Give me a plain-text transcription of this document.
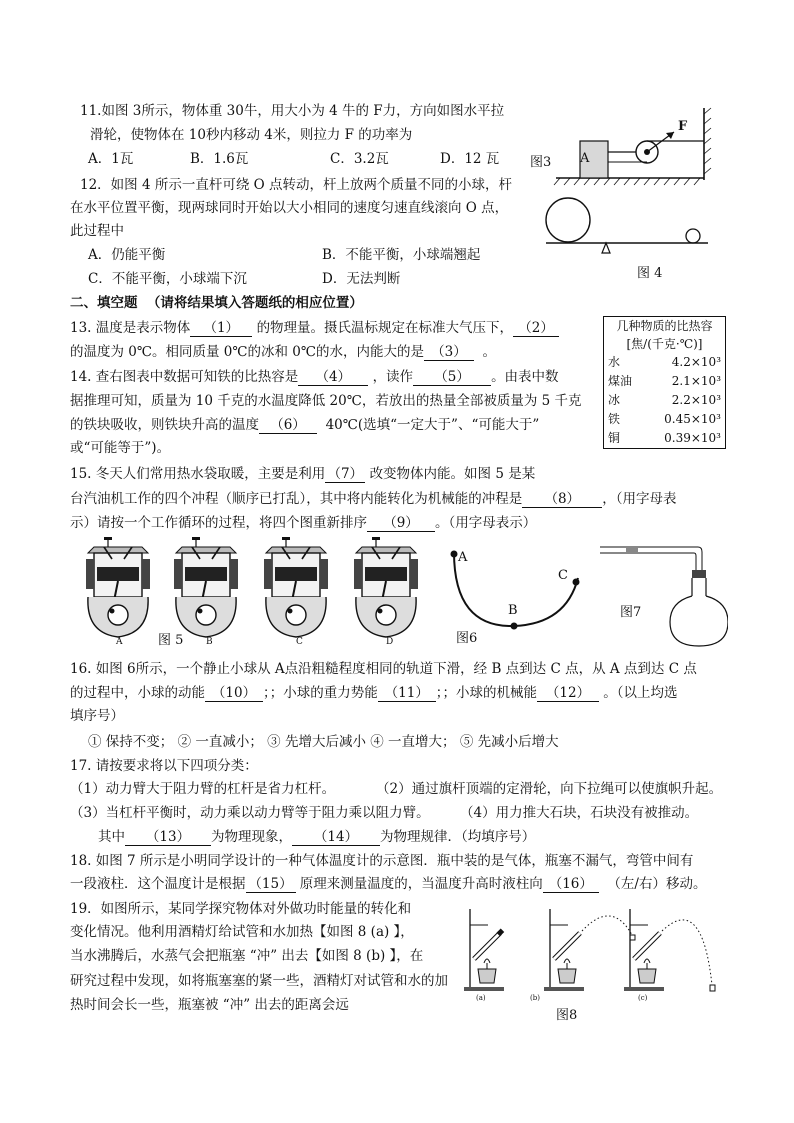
11.如图 3所示，物体重 30牛，用大小为 4 牛的 F力，方向如图水平拉
滑轮，使物体在 10秒内移动 4米，则拉力 F 的功率为
A．1瓦	B．1.6瓦	C．3.2瓦	D．12 瓦	A
F
图3
12．如图 4 所示一直杆可绕 O 点转动，杆上放两个质量不同的小球，杆
在水平位置平衡，现两球同时开始以大小相同的速度匀速直线滚向 O 点，
此过程中
A．仍能平衡	B．不能平衡，小球端翘起
C．不能平衡，小球端下沉	D．无法判断	图 4
二、填空题 （请将结果填入答题纸的相应位置）
几种物质的比热容	
[焦/(千克·℃)]	
水	4.2×10³
煤油	2.1×10³
冰	2.2×10³
铁	0.45×10³
铜	0.39×10³
13. 温度是表示物体 （1） 的物理量。摄氏温标规定在标准大气压下， （2）
的温度为 0℃。相同质量 0℃的冰和 0℃的水，内能大的是 （3） 。
14. 查右图表中数据可知铁的比热容是 （4） ，读作 （5） 。由表中数
据推理可知，质量为 10 千克的水温度降低 20℃，若放出的热量全部被质量为 5 千克
的铁块吸收，则铁块升高的温度 （6） 40℃(选填“一定大于”、“可能大于”
或“可能等于”)。
15. 冬天人们常用热水袋取暖，主要是利用 （7） 改变物体内能。如图 5 是某
台汽油机工作的四个冲程（顺序已打乱），其中将内能转化为机械能的冲程是 （8） ，（用字母表
示）请按一个工作循环的过程，将四个图重新排序 （9） 。（用字母表示）
A	B	C	D
图 5
A
B
C
图6
图7
16. 如图 6所示，一个静止小球从 A点沿粗糙程度相同的轨道下滑，经 B 点到达 C 点，从 A 点到达 C 点
的过程中，小球的动能 （10） ；；小球的重力势能 （11） ；；小球的机械能 （12） 。（以上均选
填序号）
① 保持不变； ② 一直减小； ③ 先增大后减小 ④ 一直增大； ⑤ 先减小后增大
17. 请按要求将以下四项分类：
（1）动力臂大于阻力臂的杠杆是省力杠杆。	（2）通过旗杆顶端的定滑轮，向下拉绳可以使旗帜升起。
（3）当杠杆平衡时，动力乘以动力臂等于阻力乘以阻力臂。 （4）用力推大石块，石块没有被推动。
其中 （13） 为物理现象， （14） 为物理规律．（均填序号）
18. 如图 7 所示是小明同学设计的一种气体温度计的示意图．瓶中装的是气体，瓶塞不漏气，弯管中间有
一段液柱．这个温度计是根据 （15） 原理来测量温度的，当温度升高时液柱向 （16） （左/右）移动。
19．如图所示，某同学探究物体对外做功时能量的转化和
变化情况。他利用酒精灯给试管和水加热【如图 8 (a) 】，
当水沸腾后，水蒸气会把瓶塞 “冲” 出去【如图 8 (b) 】，在
研究过程中发现，如将瓶塞塞的紧一些，酒精灯对试管和水的加
热时间会长一些，瓶塞被 “冲” 出去的距离会远	(a)	(b)	(c)
图8
